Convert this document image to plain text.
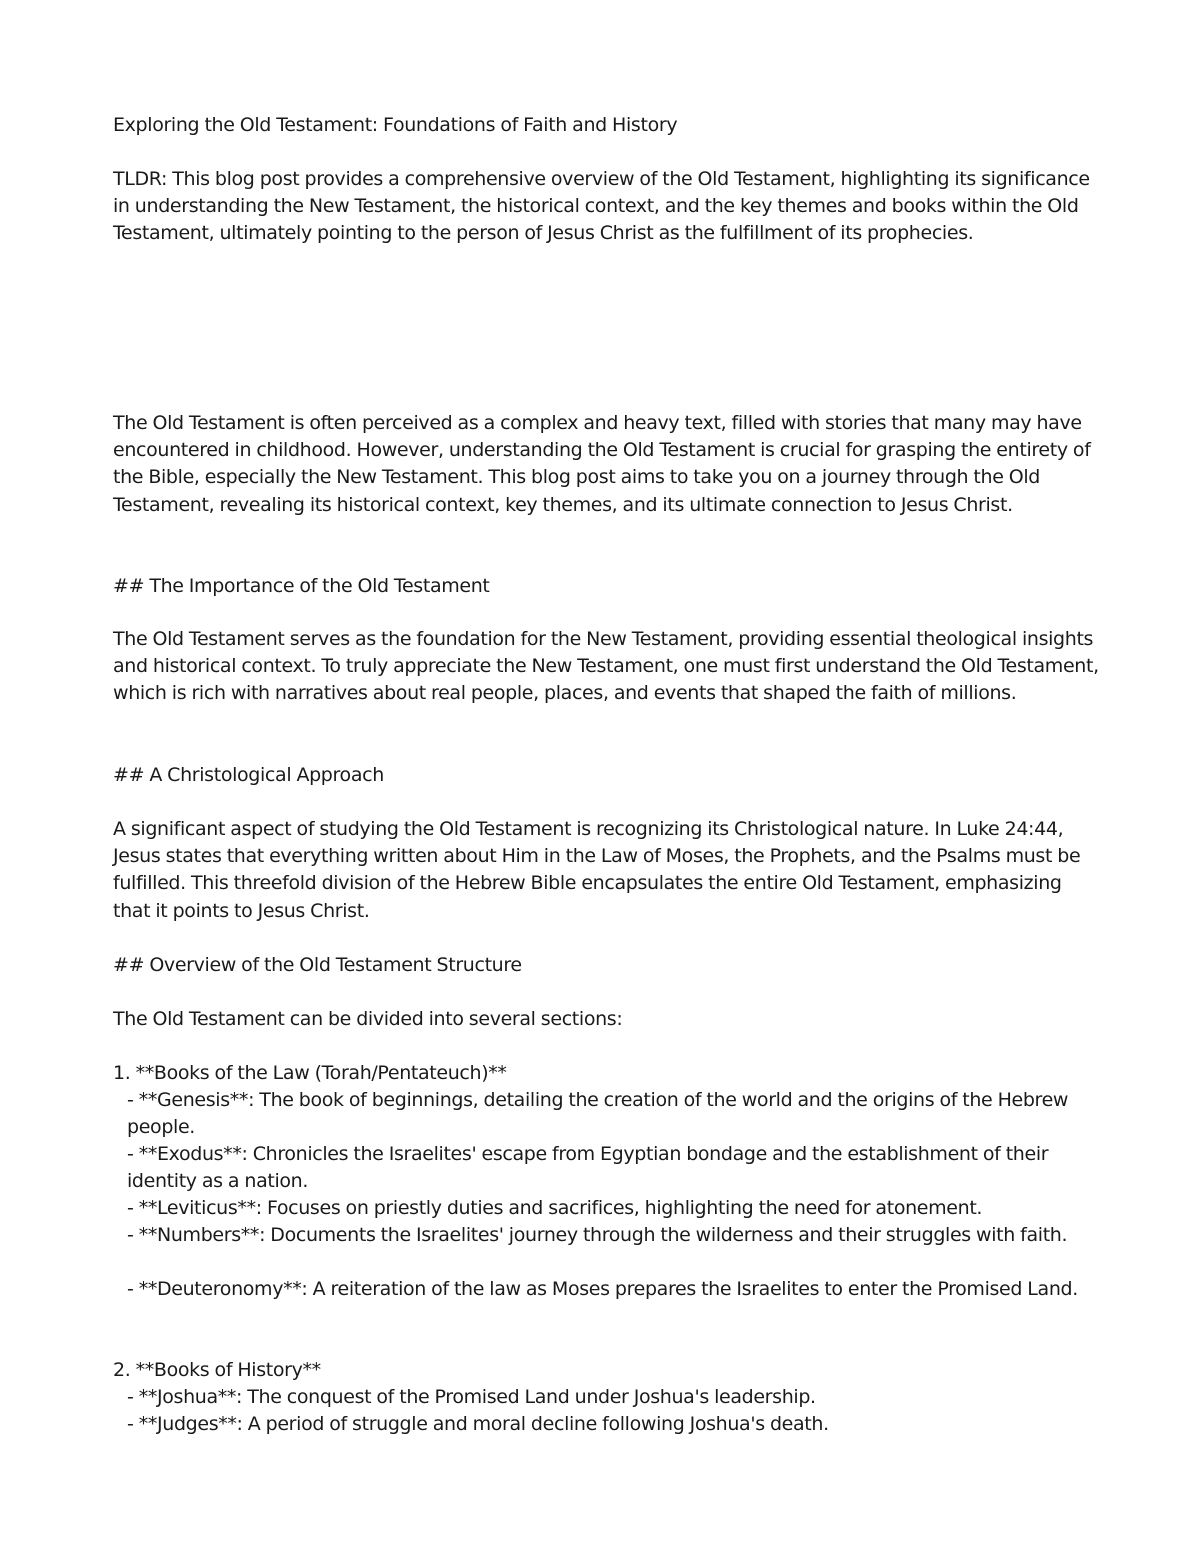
Exploring the Old Testament: Foundations of Faith and History

TLDR: This blog post provides a comprehensive overview of the Old Testament, highlighting its significance in understanding the New Testament, the historical context, and the key themes and books within the Old Testament, ultimately pointing to the person of Jesus Christ as the fulfillment of its prophecies.

The Old Testament is often perceived as a complex and heavy text, filled with stories that many may have encountered in childhood. However, understanding the Old Testament is crucial for grasping the entirety of the Bible, especially the New Testament. This blog post aims to take you on a journey through the Old Testament, revealing its historical context, key themes, and its ultimate connection to Jesus Christ.

## The Importance of the Old Testament

The Old Testament serves as the foundation for the New Testament, providing essential theological insights and historical context. To truly appreciate the New Testament, one must first understand the Old Testament, which is rich with narratives about real people, places, and events that shaped the faith of millions.

## A Christological Approach

A significant aspect of studying the Old Testament is recognizing its Christological nature. In Luke 24:44, Jesus states that everything written about Him in the Law of Moses, the Prophets, and the Psalms must be fulfilled. This threefold division of the Hebrew Bible encapsulates the entire Old Testament, emphasizing that it points to Jesus Christ.

## Overview of the Old Testament Structure

The Old Testament can be divided into several sections:

1. **Books of the Law (Torah/Pentateuch)**

- **Genesis**: The book of beginnings, detailing the creation of the world and the origins of the Hebrew people.

- **Exodus**: Chronicles the Israelites' escape from Egyptian bondage and the establishment of their identity as a nation.

- **Leviticus**: Focuses on priestly duties and sacrifices, highlighting the need for atonement.

- **Numbers**: Documents the Israelites' journey through the wilderness and their struggles with faith.

- **Deuteronomy**: A reiteration of the law as Moses prepares the Israelites to enter the Promised Land.

2. **Books of History**

- **Joshua**: The conquest of the Promised Land under Joshua's leadership.

- **Judges**: A period of struggle and moral decline following Joshua's death.
